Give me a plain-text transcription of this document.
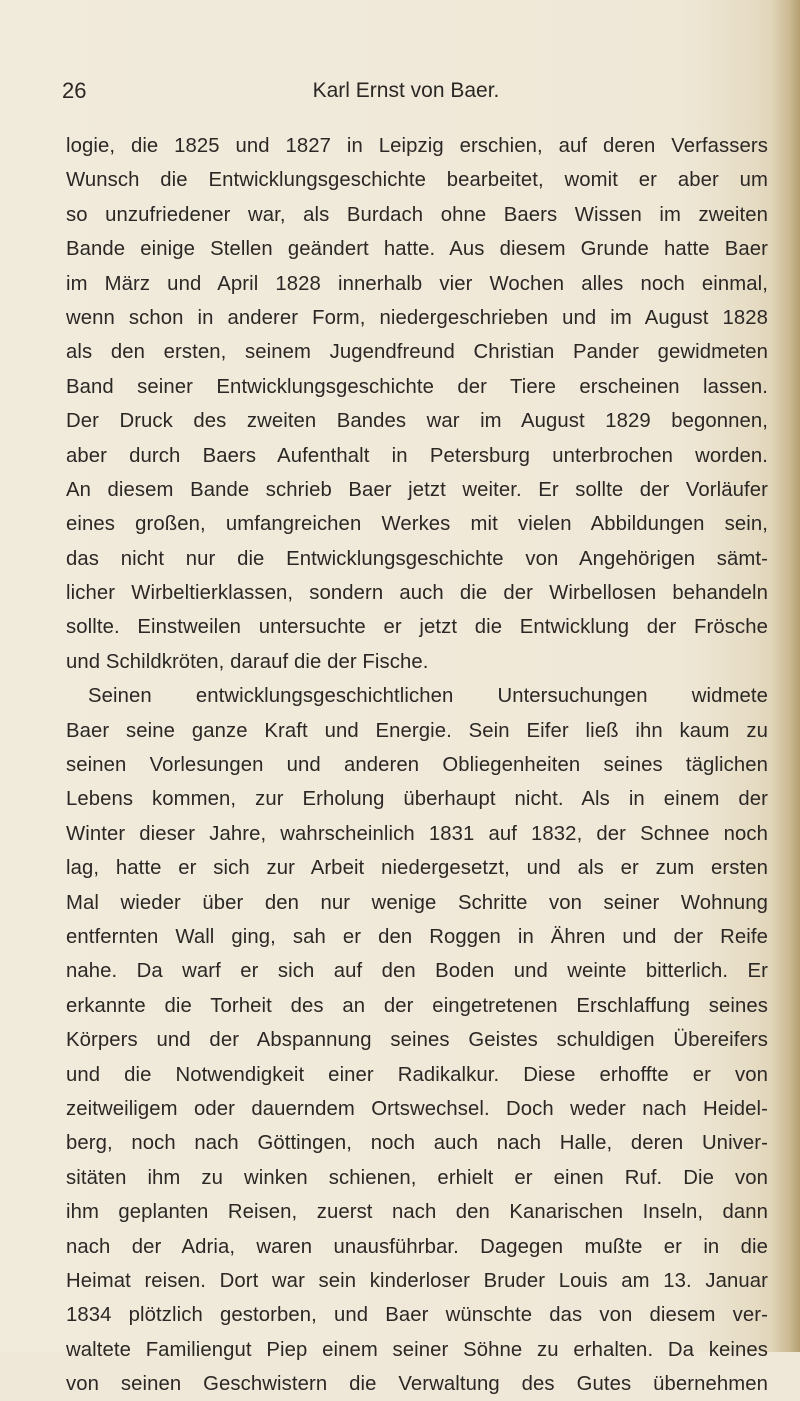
26	Karl Ernst von Baer.
logie, die 1825 und 1827 in Leipzig erschien, auf deren Verfassers
Wunsch die Entwicklungsgeschichte bearbeitet, womit er aber um
so unzufriedener war, als Burdach ohne Baers Wissen im zweiten
Bande einige Stellen geändert hatte. Aus diesem Grunde hatte Baer
im März und April 1828 innerhalb vier Wochen alles noch einmal,
wenn schon in anderer Form, niedergeschrieben und im August 1828
als den ersten, seinem Jugendfreund Christian Pander gewidmeten
Band seiner Entwicklungsgeschichte der Tiere erscheinen lassen.
Der Druck des zweiten Bandes war im August 1829 begonnen,
aber durch Baers Aufenthalt in Petersburg unterbrochen worden.
An diesem Bande schrieb Baer jetzt weiter. Er sollte der Vorläufer
eines großen, umfangreichen Werkes mit vielen Abbildungen sein,
das nicht nur die Entwicklungsgeschichte von Angehörigen sämt-
licher Wirbeltierklassen, sondern auch die der Wirbellosen behandeln
sollte. Einstweilen untersuchte er jetzt die Entwicklung der Frösche
und Schildkröten, darauf die der Fische.
Seinen entwicklungsgeschichtlichen Untersuchungen widmete
Baer seine ganze Kraft und Energie. Sein Eifer ließ ihn kaum zu
seinen Vorlesungen und anderen Obliegenheiten seines täglichen
Lebens kommen, zur Erholung überhaupt nicht. Als in einem der
Winter dieser Jahre, wahrscheinlich 1831 auf 1832, der Schnee noch
lag, hatte er sich zur Arbeit niedergesetzt, und als er zum ersten
Mal wieder über den nur wenige Schritte von seiner Wohnung
entfernten Wall ging, sah er den Roggen in Ähren und der Reife
nahe. Da warf er sich auf den Boden und weinte bitterlich. Er
erkannte die Torheit des an der eingetretenen Erschlaffung seines
Körpers und der Abspannung seines Geistes schuldigen Übereifers
und die Notwendigkeit einer Radikalkur. Diese erhoffte er von
zeitweiligem oder dauerndem Ortswechsel. Doch weder nach Heidel-
berg, noch nach Göttingen, noch auch nach Halle, deren Univer-
sitäten ihm zu winken schienen, erhielt er einen Ruf. Die von
ihm geplanten Reisen, zuerst nach den Kanarischen Inseln, dann
nach der Adria, waren unausführbar. Dagegen mußte er in die
Heimat reisen. Dort war sein kinderloser Bruder Louis am 13. Januar
1834 plötzlich gestorben, und Baer wünschte das von diesem ver-
waltete Familiengut Piep einem seiner Söhne zu erhalten. Da keines
von seinen Geschwistern die Verwaltung des Gutes übernehmen
